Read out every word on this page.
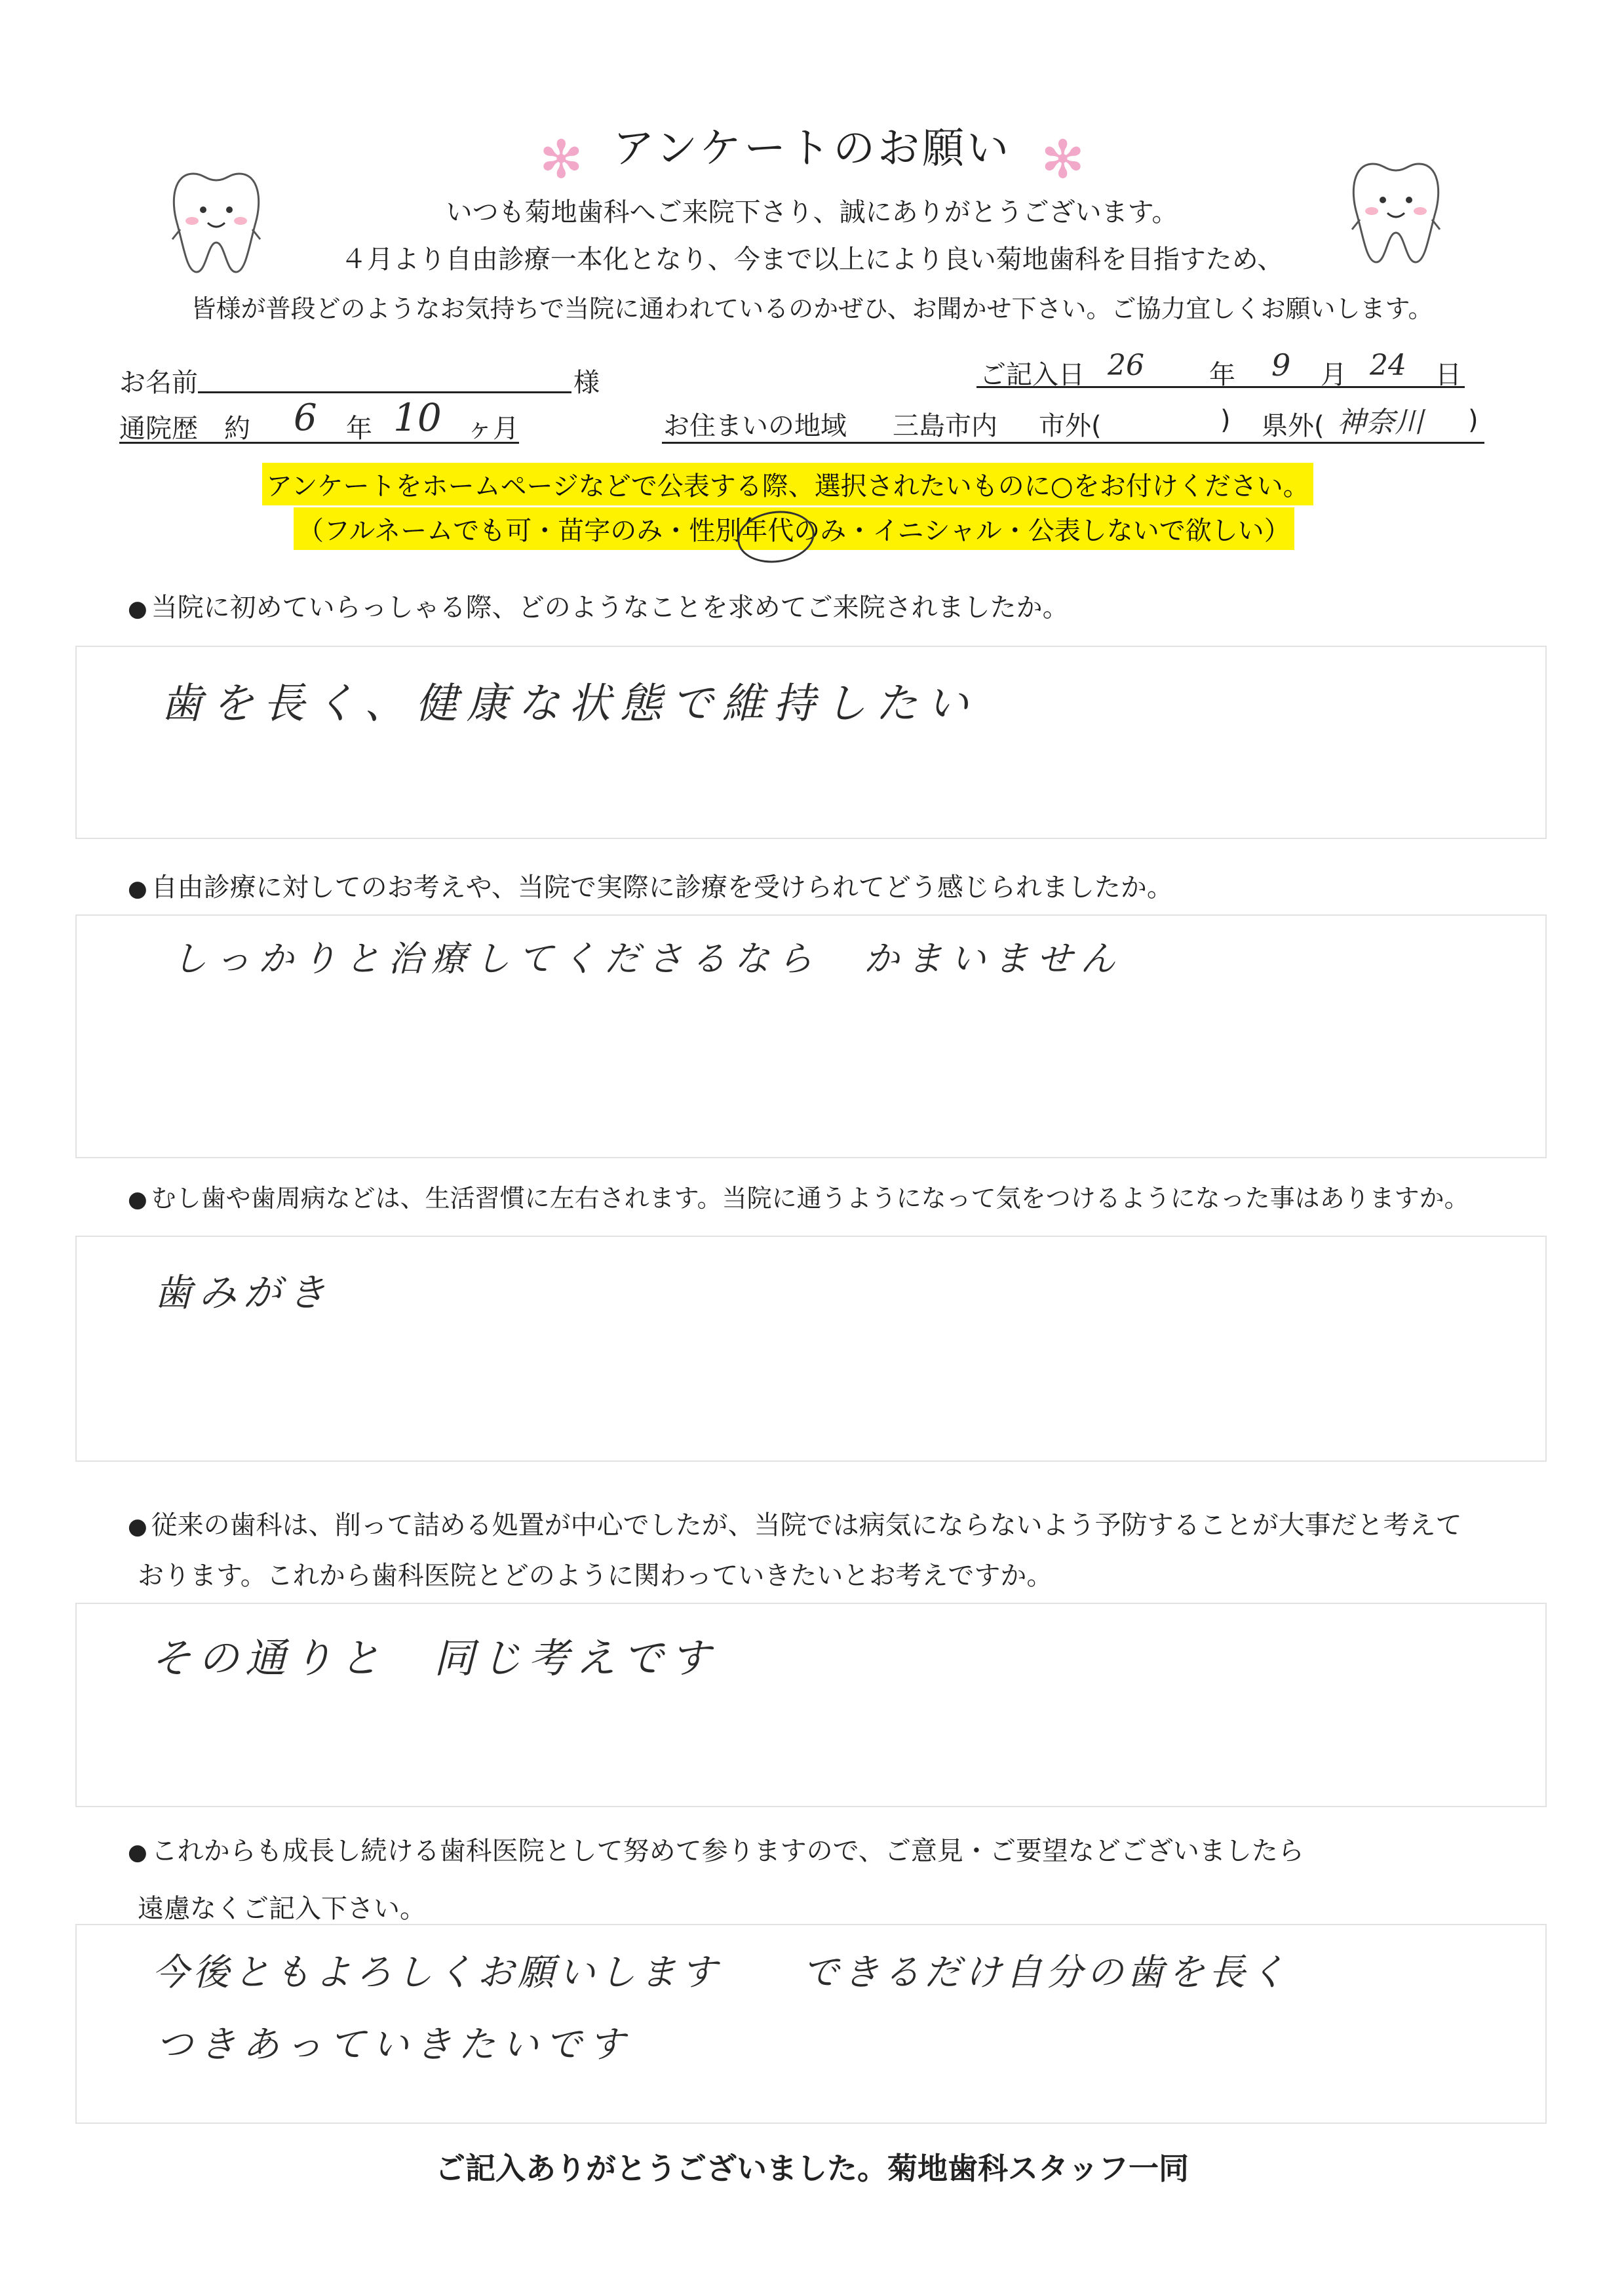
✻ アンケートのお願い ✻
いつも菊地歯科へご来院下さり、誠にありがとうございます。
４月より自由診療一本化となり、今まで以上により良い菊地歯科を目指すため、
皆様が普段どのようなお気持ちで当院に通われているのかぜひ、お聞かせ下さい。ご協力宜しくお願いします。
お名前	様	ご記入日 26 年 9 月 24 日
通院歴　約 6 年 10 ヶ月	お住まいの地域 三島市内 市外(	) 県外( 神奈川 )
アンケートをホームページなどで公表する際、選択されたいものに○をお付けください。
（フルネームでも可・苗字のみ・性別年代のみ・イニシャル・公表しないで欲しい）
● 当院に初めていらっしゃる際、どのようなことを求めてご来院されましたか。
歯を長く、健康な状態で維持したい
● 自由診療に対してのお考えや、当院で実際に診療を受けられてどう感じられましたか。
しっかりと治療してくださるなら　かまいません
● むし歯や歯周病などは、生活習慣に左右されます。当院に通うようになって気をつけるようになった事はありますか。
歯みがき
● 従来の歯科は、削って詰める処置が中心でしたが、当院では病気にならないよう予防することが大事だと考えて
おります。これから歯科医院とどのように関わっていきたいとお考えですか。
その通りと　同じ考えです
● これからも成長し続ける歯科医院として努めて参りますので、ご意見・ご要望などございましたら
遠慮なくご記入下さい。
今後ともよろしくお願いします　　できるだけ自分の歯を長く
つきあっていきたいです
ご記入ありがとうございました。菊地歯科スタッフ一同
